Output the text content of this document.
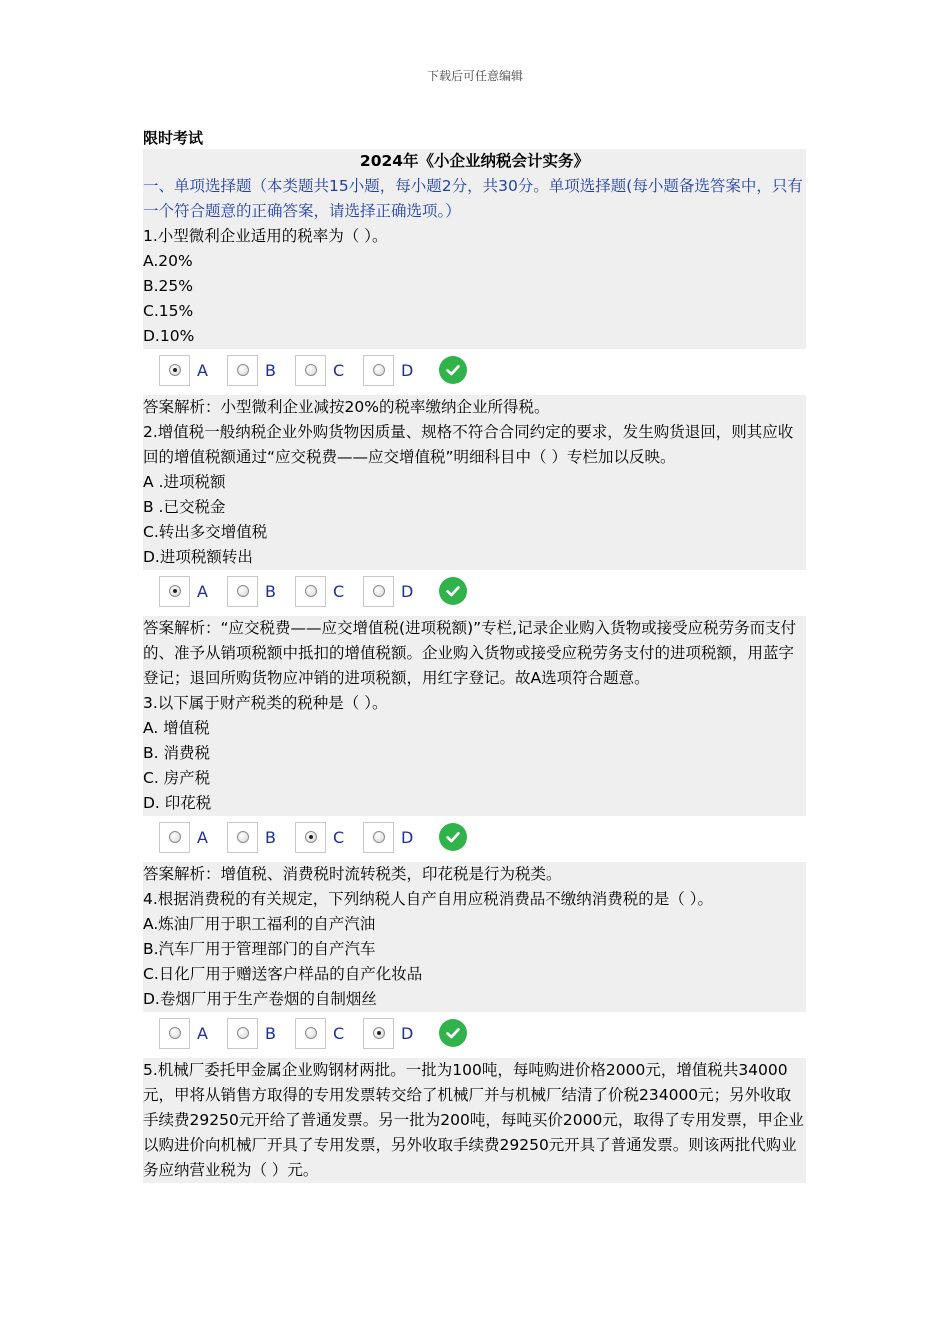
下载后可任意编辑
限时考试
2024年《小企业纳税会计实务》
一、单项选择题（本类题共15小题，每小题2分，共30分。单项选择题(每小题备选答案中，只有一个符合题意的正确答案，请选择正确选项。）
1.小型微利企业适用的税率为（ ）。
A.20%
B.25%
C.15%
D.10%
A	B	C	D
答案解析：小型微利企业减按20%的税率缴纳企业所得税。
2.增值税一般纳税企业外购货物因质量、规格不符合合同约定的要求，发生购货退回，则其应收回的增值税额通过“应交税费——应交增值税”明细科目中（ ）专栏加以反映。
A .进项税额
B .已交税金
C.转出多交增值税
D.进项税额转出
A	B	C	D
答案解析：“应交税费——应交增值税(进项税额)”专栏,记录企业购入货物或接受应税劳务而支付的、准予从销项税额中抵扣的增值税额。企业购入货物或接受应税劳务支付的进项税额，用蓝字登记；退回所购货物应冲销的进项税额，用红字登记。故A选项符合题意。
3.以下属于财产税类的税种是（ ）。
A. 增值税
B. 消费税
C. 房产税
D. 印花税
A	B	C	D
答案解析：增值税、消费税时流转税类，印花税是行为税类。
4.根据消费税的有关规定，下列纳税人自产自用应税消费品不缴纳消费税的是（ ）。
A.炼油厂用于职工福利的自产汽油
B.汽车厂用于管理部门的自产汽车
C.日化厂用于赠送客户样品的自产化妆品
D.卷烟厂用于生产卷烟的自制烟丝
A	B	C	D
5.机械厂委托甲金属企业购钢材两批。一批为100吨，每吨购进价格2000元，增值税共34000元，甲将从销售方取得的专用发票转交给了机械厂并与机械厂结清了价税234000元；另外收取手续费29250元开给了普通发票。另一批为200吨，每吨买价2000元，取得了专用发票，甲企业以购进价向机械厂开具了专用发票，另外收取手续费29250元开具了普通发票。则该两批代购业务应纳营业税为（ ）元。
